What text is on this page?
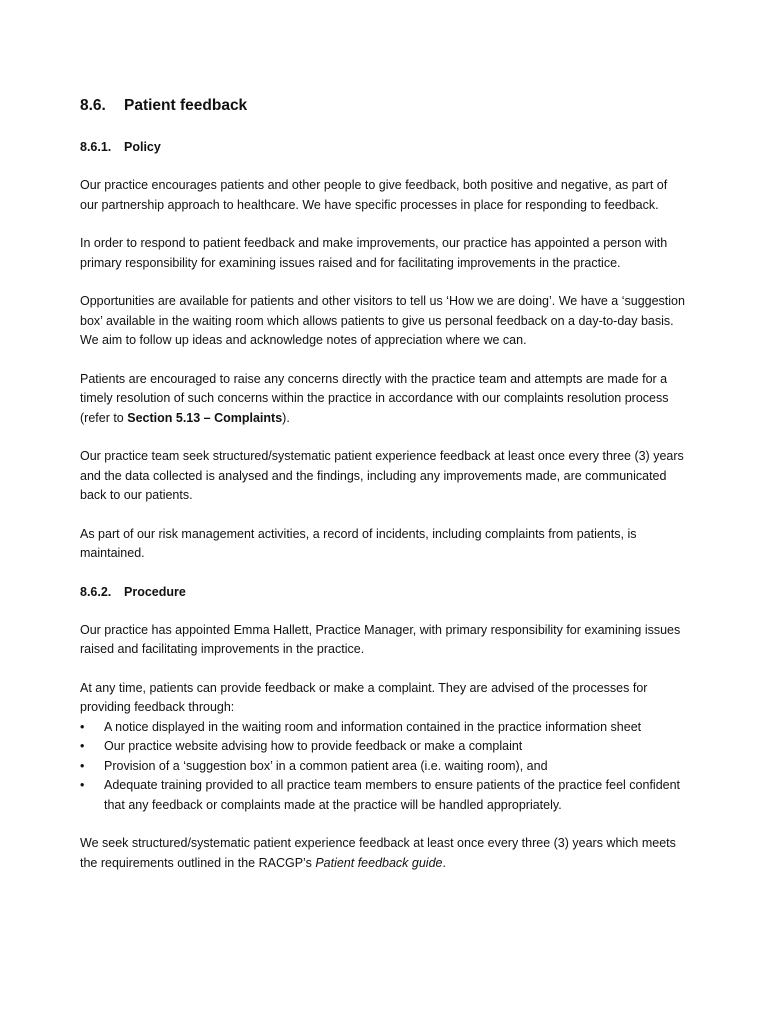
8.6. Patient feedback
8.6.1. Policy

Our practice encourages patients and other people to give feedback, both positive and negative, as part of our partnership approach to healthcare. We have specific processes in place for responding to feedback.

In order to respond to patient feedback and make improvements, our practice has appointed a person with primary responsibility for examining issues raised and for facilitating improvements in the practice.

Opportunities are available for patients and other visitors to tell us ‘How we are doing’. We have a ‘suggestion box’ available in the waiting room which allows patients to give us personal feedback on a day-to-day basis. We aim to follow up ideas and acknowledge notes of appreciation where we can.

Patients are encouraged to raise any concerns directly with the practice team and attempts are made for a timely resolution of such concerns within the practice in accordance with our complaints resolution process (refer to Section 5.13 – Complaints).

Our practice team seek structured/systematic patient experience feedback at least once every three (3) years and the data collected is analysed and the findings, including any improvements made, are communicated back to our patients.

As part of our risk management activities, a record of incidents, including complaints from patients, is maintained.

8.6.2. Procedure

Our practice has appointed Emma Hallett, Practice Manager, with primary responsibility for examining issues raised and facilitating improvements in the practice.

At any time, patients can provide feedback or make a complaint. They are advised of the processes for providing feedback through:

•	A notice displayed in the waiting room and information contained in the practice information sheet
•	Our practice website advising how to provide feedback or make a complaint
•	Provision of a ‘suggestion box’ in a common patient area (i.e. waiting room), and
•	Adequate training provided to all practice team members to ensure patients of the practice feel confident that any feedback or complaints made at the practice will be handled appropriately.

We seek structured/systematic patient experience feedback at least once every three (3) years which meets the requirements outlined in the RACGP’s Patient feedback guide.
